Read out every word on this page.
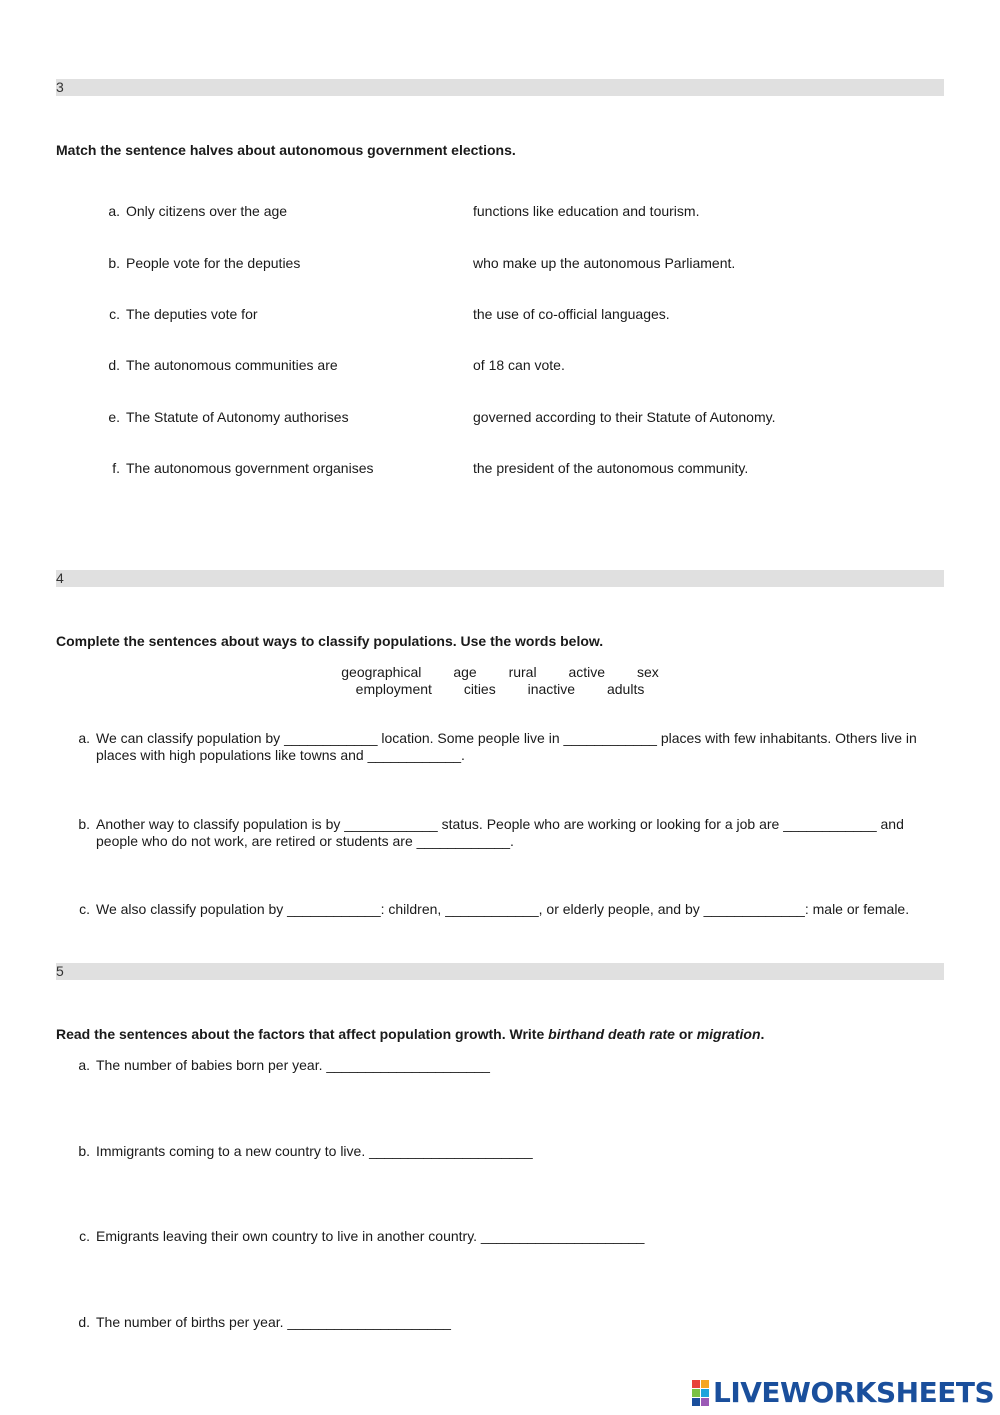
3
Match the sentence halves about autonomous government elections.
a. Only citizens over the age
b. People vote for the deputies
c. The deputies vote for
d. The autonomous communities are
e. The Statute of Autonomy authorises
f. The autonomous government organises
functions like education and tourism.
who make up the autonomous Parliament.
the use of co-official languages.
of 18 can vote.
governed according to their Statute of Autonomy.
the president of the autonomous community.
4
Complete the sentences about ways to classify populations. Use the words below.
geographical age rural active sex
employment cities inactive adults
a. We can classify population by ____________ location. Some people live in ____________ places with few inhabitants. Others live in places with high populations like towns and ____________.
b. Another way to classify population is by ____________ status. People who are working or looking for a job are ____________ and people who do not work, are retired or students are ____________.
c. We also classify population by ____________: children, ____________, or elderly people, and by _____________: male or female.
5
Read the sentences about the factors that affect population growth. Write birthand death rate or migration.
a. The number of babies born per year. _____________________
b. Immigrants coming to a new country to live. _____________________
c. Emigrants leaving their own country to live in another country. _____________________
d. The number of births per year. _____________________
LIVEWORKSHEETS
